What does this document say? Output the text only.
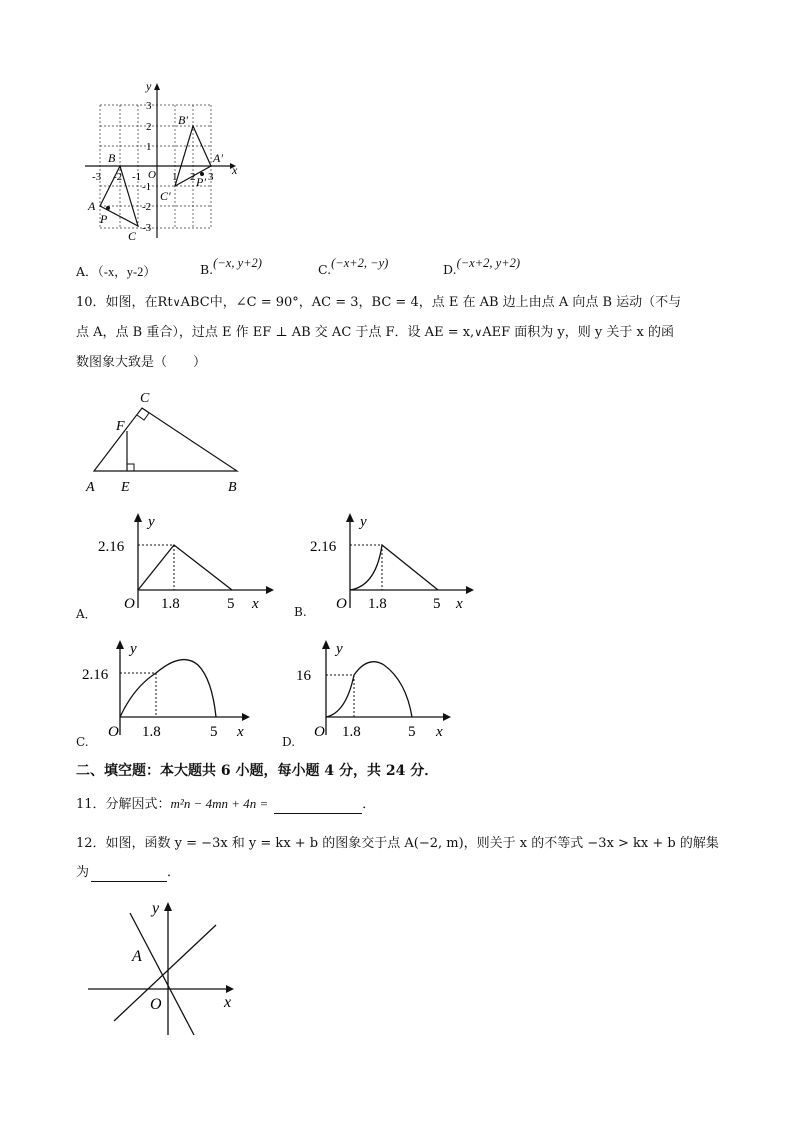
x
y
-3 -2 -1 O 1 2 3
3
2
1
-1
-2
-3
A
B
C
P
A'
B'
C'
P'
A．（-x，y-2）	B.(−x, y+2)	C.(−x+2, −y)	D.(−x+2, y+2)
10．如图，在Rt∨ABC中，∠C = 90°，AC = 3，BC = 4，点 E 在 AB 边上由点 A 向点 B 运动（不与
点 A，点 B 重合），过点 E 作 EF ⊥ AB 交 AC 于点 F．设 AE = x,∨AEF 面积为 y，则 y 关于 x 的函
数图象大致是（　　）
C
F
A E	B
y
2.16
O 1.8	5 x
A．
y
2.16
O 1.8	5 x
B.
y
2.16
O 1.8	5 x
C.
y
16
O 1.8	5 x
D.
二、填空题：本大题共 6 小题，每小题 4 分，共 24 分．
11．分解因式：m²n − 4mn + 4n =	．
12．如图，函数 y = −3x 和 y = kx + b 的图象交于点 A(−2, m)，则关于 x 的不等式 −3x > kx + b 的解集
为	．
y
A
O	x
